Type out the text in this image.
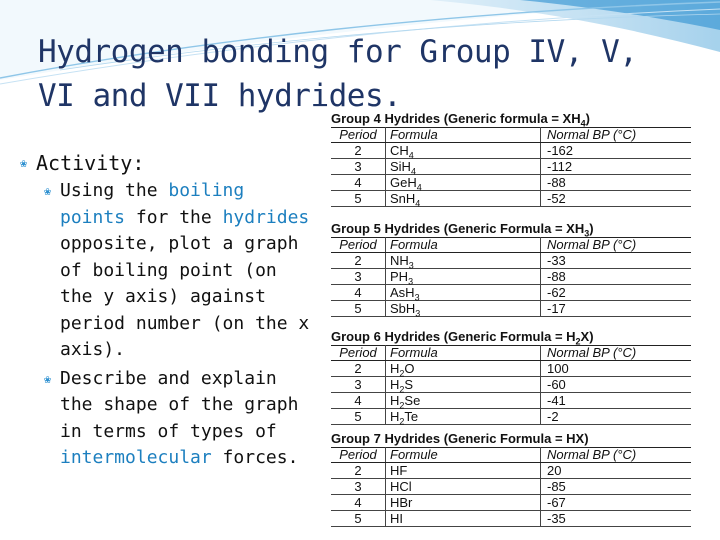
Hydrogen bonding for Group IV, V,
VI and VII hydrides.
❀ Activity:
❀ Using the boiling points for the hydrides opposite, plot a graph of boiling point (on the y axis) against period number (on the x axis).
❀ Describe and explain the shape of the graph in terms of types of intermolecular forces.
Group 4 Hydrides (Generic formula = $XH_4$)
Period	Formula	Normal BP (°C)
2	$CH_4$	-162
3	SiH$_4$	-112
4	GeH$_4$	-88
5	SnH$_4$	-52
Group 5 Hydrides (Generic Formula = $XH_3$)
Period	Formula	Normal BP (°C)
2	$NH_3$	-33
3	$PH_3$	-88
4	AsH$_3$	-62
5	SbH$_3$	-17
Group 6 Hydrides (Generic Formula = $H_2X$)
Period	Formula	Normal BP (°C)
2	$H_2O$	100
3	$H_2S$	-60
4	$H_2Se$	-41
5	$H_2Te$	-2
Group 7 Hydrides (Generic Formula = HX)
Period	Formule	Normal BP (°C)
2	HF	20
3	HCl	-85
4	HBr	-67
5	HI	-35
